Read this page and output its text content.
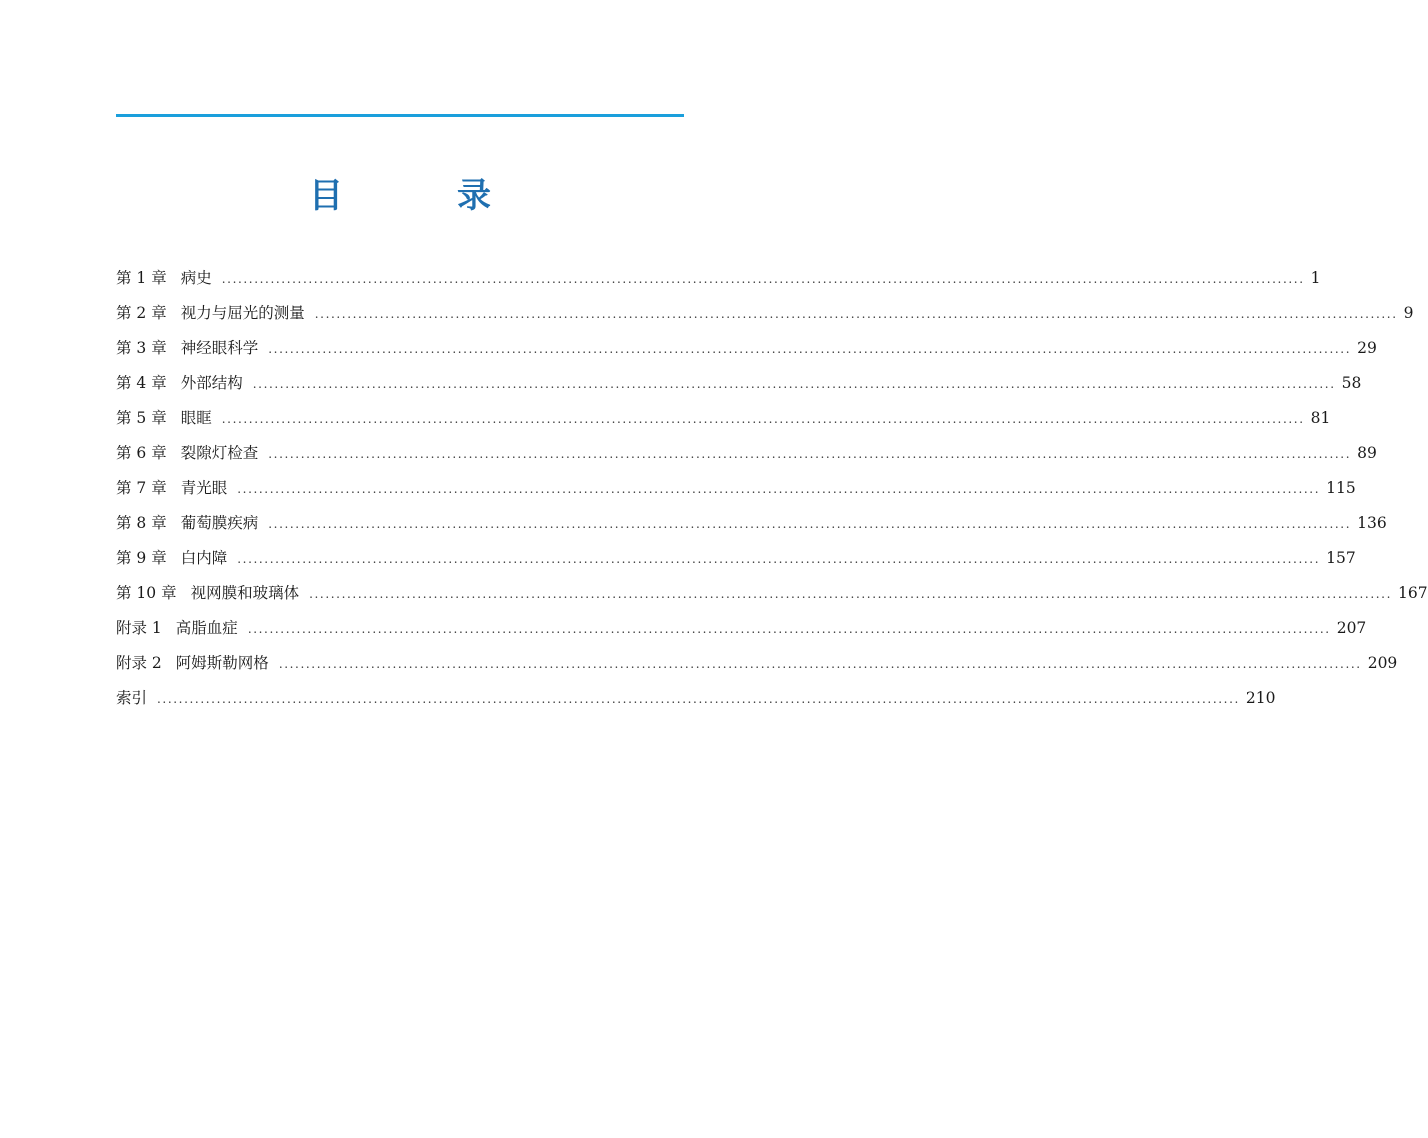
目　录
第 1 章 病史 ........................................................................................................................................................................................................ 1
第 2 章 视力与屈光的测量 ........................................................................................................................................................................................................ 9
第 3 章 神经眼科学 ........................................................................................................................................................................................................ 29
第 4 章 外部结构 ........................................................................................................................................................................................................ 58
第 5 章 眼眶 ........................................................................................................................................................................................................ 81
第 6 章 裂隙灯检查 ........................................................................................................................................................................................................ 89
第 7 章 青光眼 ........................................................................................................................................................................................................ 115
第 8 章 葡萄膜疾病 ........................................................................................................................................................................................................ 136
第 9 章 白内障 ........................................................................................................................................................................................................ 157
第 10 章 视网膜和玻璃体 ........................................................................................................................................................................................................ 167
附录 1 高脂血症 ........................................................................................................................................................................................................ 207
附录 2 阿姆斯勒网格 ........................................................................................................................................................................................................ 209
索引 ........................................................................................................................................................................................................ 210
